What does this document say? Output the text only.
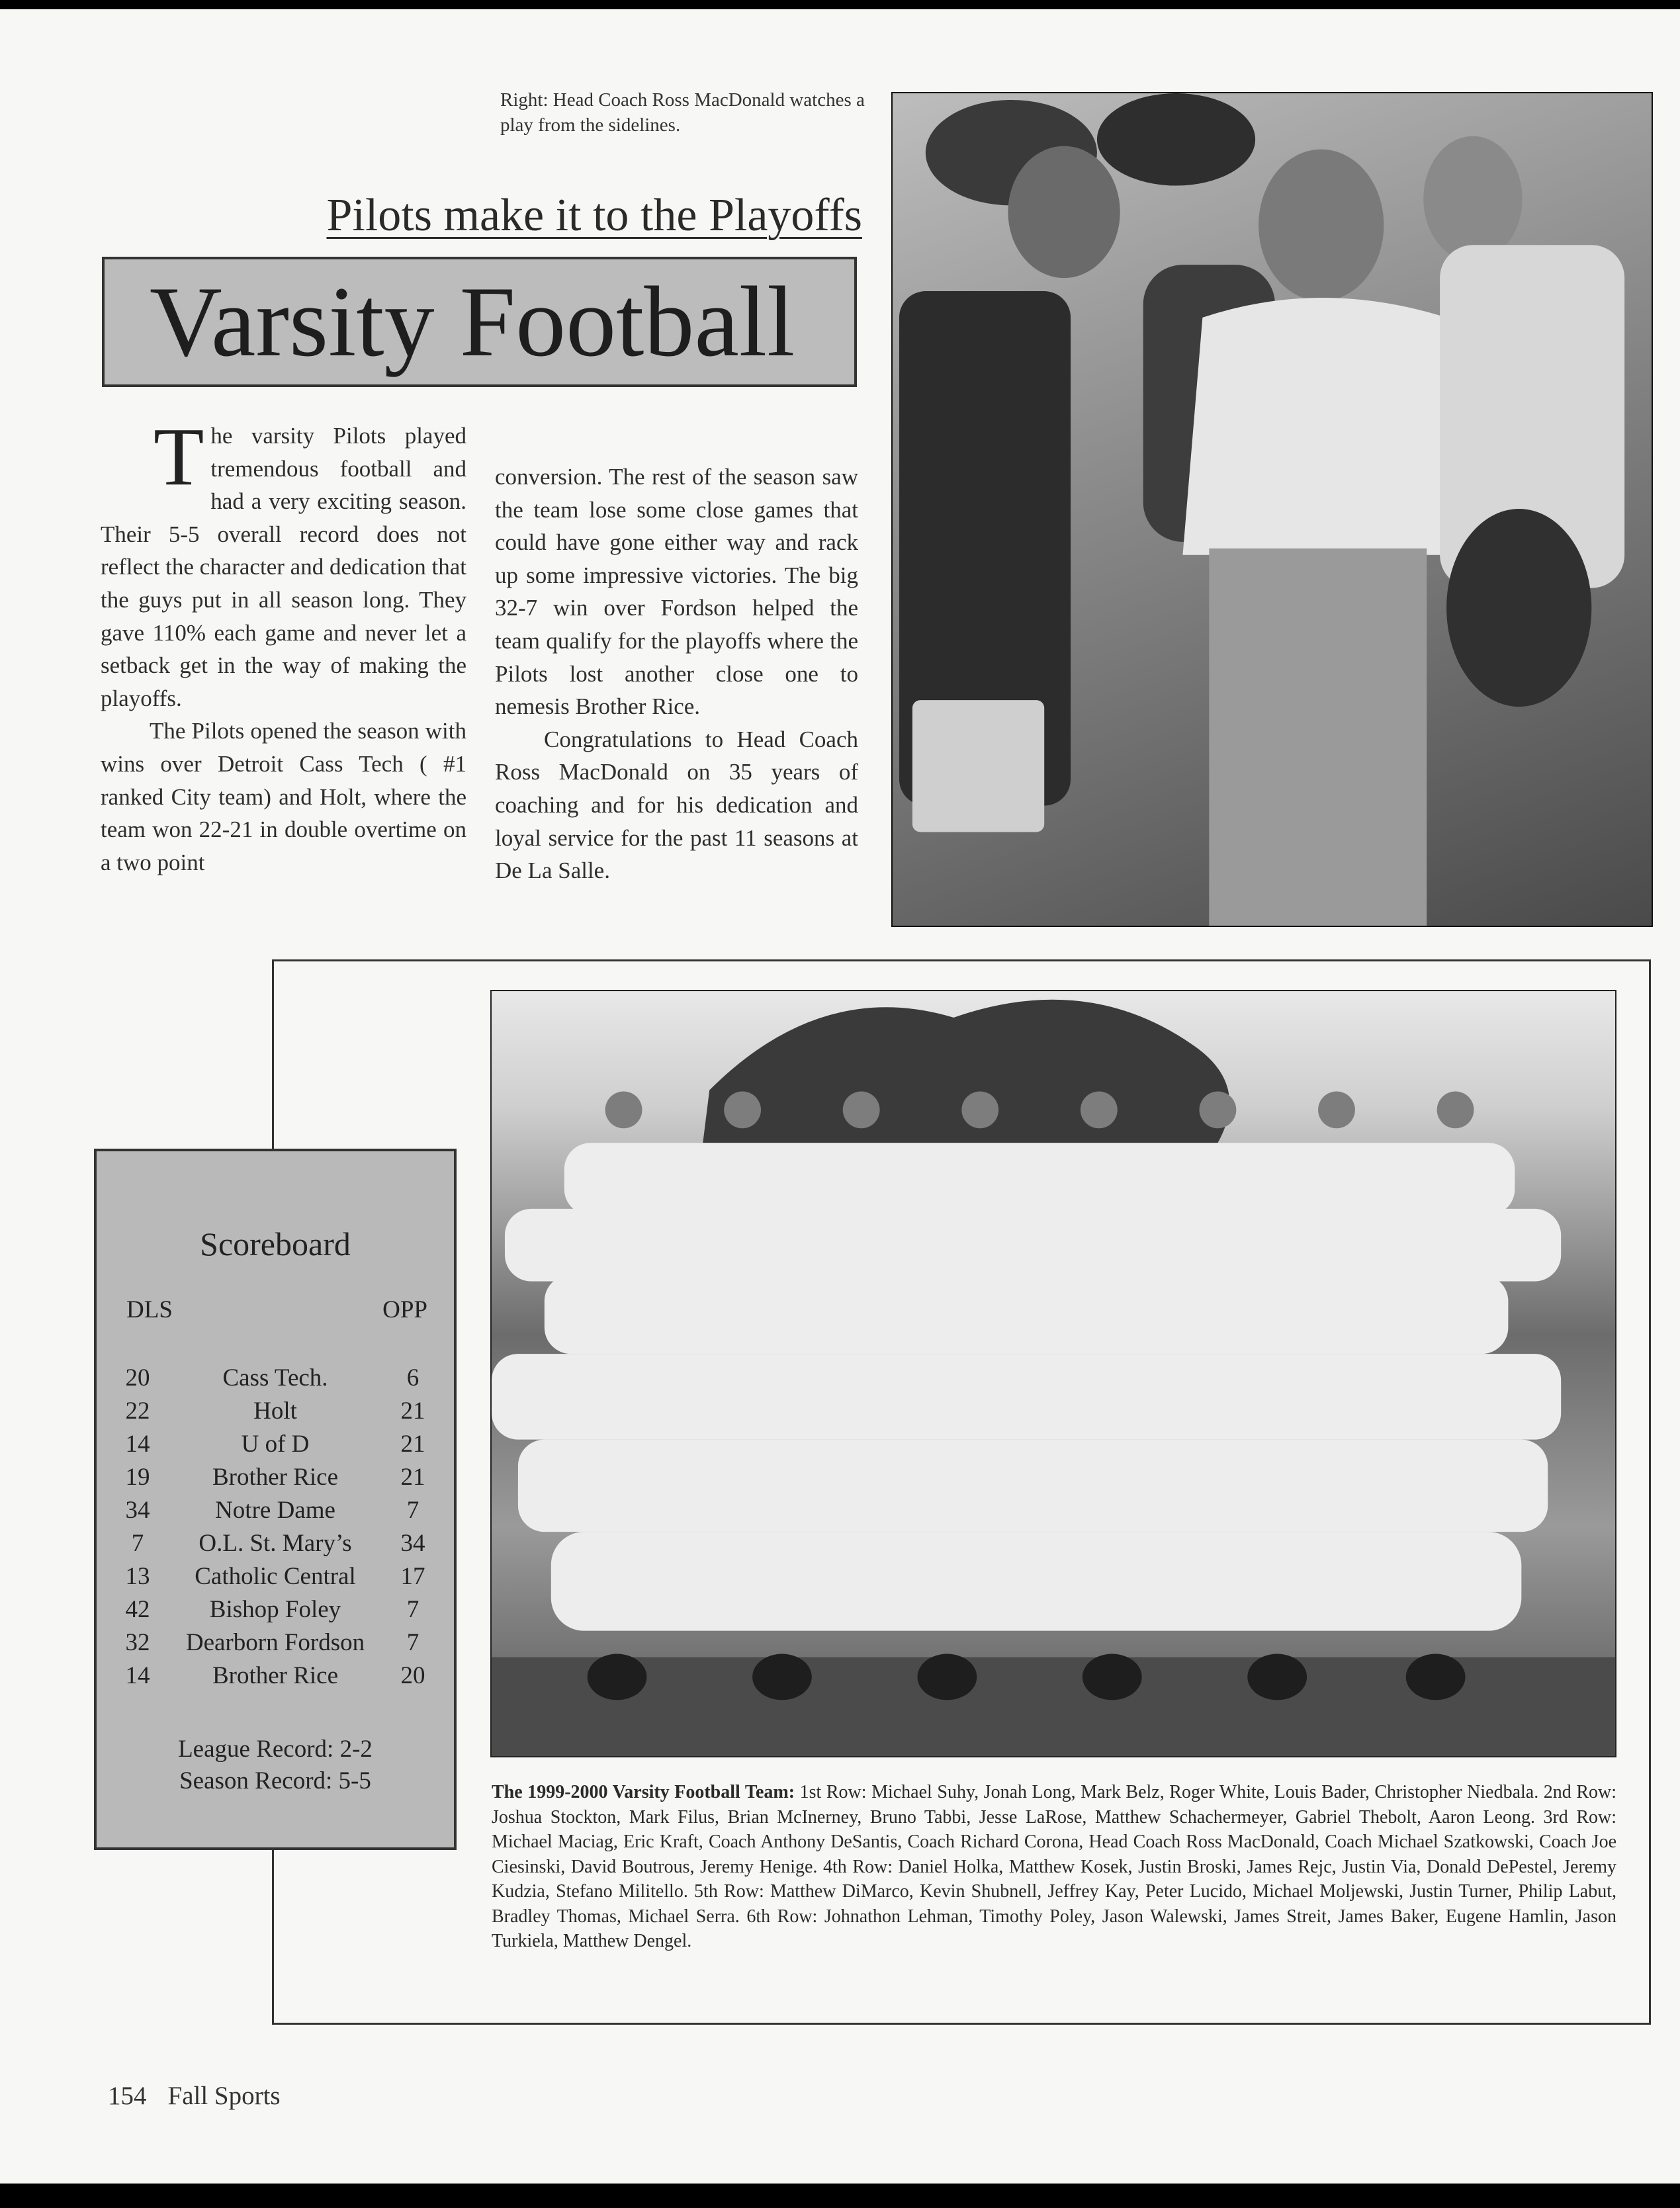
Right: Head Coach Ross MacDonald watches a play from the sidelines.
Pilots make it to the Playoffs
Varsity Football

The varsity Pilots played tremendous football and had a very exciting season. Their 5-5 overall record does not reflect the character and dedication that the guys put in all season long. They gave 110% each game and never let a setback get in the way of making the playoffs.

The Pilots opened the season with wins over Detroit Cass Tech ( #1 ranked City team) and Holt, where the team won 22-21 in double overtime on a two point

conversion. The rest of the season saw the team lose some close games that could have gone either way and rack up some impressive victories. The big 32-7 win over Fordson helped the team qualify for the playoffs where the Pilots lost another close one to nemesis Brother Rice.

Congratulations to Head Coach Ross MacDonald on 35 years of coaching and for his dedication and loyal service for the past 11 seasons at De La Salle.

The 1999-2000 Varsity Football Team: 1st Row: Michael Suhy, Jonah Long, Mark Belz, Roger White, Louis Bader, Christopher Niedbala. 2nd Row: Joshua Stockton, Mark Filus, Brian McInerney, Bruno Tabbi, Jesse LaRose, Matthew Schachermeyer, Gabriel Thebolt, Aaron Leong. 3rd Row: Michael Maciag, Eric Kraft, Coach Anthony DeSantis, Coach Richard Corona, Head Coach Ross MacDonald, Coach Michael Szatkowski, Coach Joe Ciesinski, David Boutrous, Jeremy Henige. 4th Row: Daniel Holka, Matthew Kosek, Justin Broski, James Rejc, Justin Via, Donald DePestel, Jeremy Kudzia, Stefano Militello. 5th Row: Matthew DiMarco, Kevin Shubnell, Jeffrey Kay, Peter Lucido, Michael Moljewski, Justin Turner, Philip Labut, Bradley Thomas, Michael Serra. 6th Row: Johnathon Lehman, Timothy Poley, Jason Walewski, James Streit, James Baker, Eugene Hamlin, Jason Turkiela, Matthew Dengel.
Scoreboard
DLS	OPP
20	Cass Tech.	6
22	Holt	21
14	U of D	21
19	Brother Rice	21
34	Notre Dame	7
7	O.L. St. Mary’s	34
13	Catholic Central	17
42	Bishop Foley	7
32	Dearborn Fordson	7
14	Brother Rice	20
League Record: 2-2
Season Record: 5-5
154 Fall Sports
